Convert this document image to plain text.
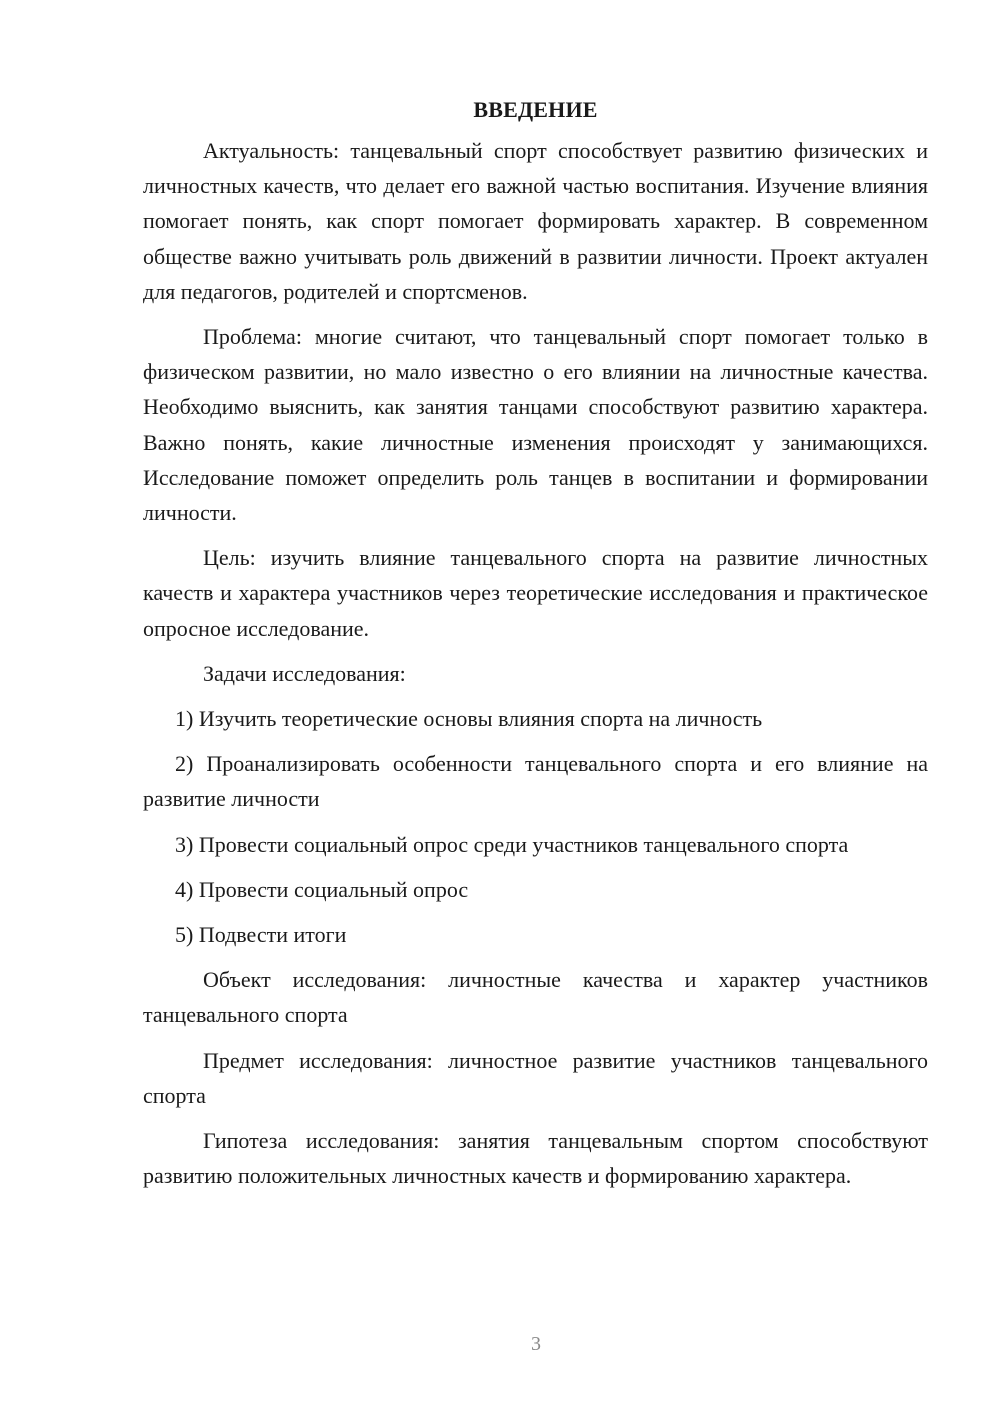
ВВЕДЕНИЕ

Актуальность: танцевальный спорт способствует развитию физических и личностных качеств, что делает его важной частью воспитания. Изучение влияния помогает понять, как спорт помогает формировать характер. В современном обществе важно учитывать роль движений в развитии личности. Проект актуален для педагогов, родителей и спортсменов.

Проблема: многие считают, что танцевальный спорт помогает только в физическом развитии, но мало известно о его влиянии на личностные качества. Необходимо выяснить, как занятия танцами способствуют развитию характера. Важно понять, какие личностные изменения происходят у занимающихся. Исследование поможет определить роль танцев в воспитании и формировании личности.

Цель: изучить влияние танцевального спорта на развитие личностных качеств и характера участников через теоретические исследования и практическое опросное исследование.

Задачи исследования:

1) Изучить теоретические основы влияния спорта на личность

2) Проанализировать особенности танцевального спорта и его влияние на развитие личности

3) Провести социальный опрос среди участников танцевального спорта

4) Провести социальный опрос

5) Подвести итоги

Объект исследования: личностные качества и характер участников танцевального спорта

Предмет исследования: личностное развитие участников танцевального спорта

Гипотеза исследования: занятия танцевальным спортом способствуют развитию положительных личностных качеств и формированию характера.

3
